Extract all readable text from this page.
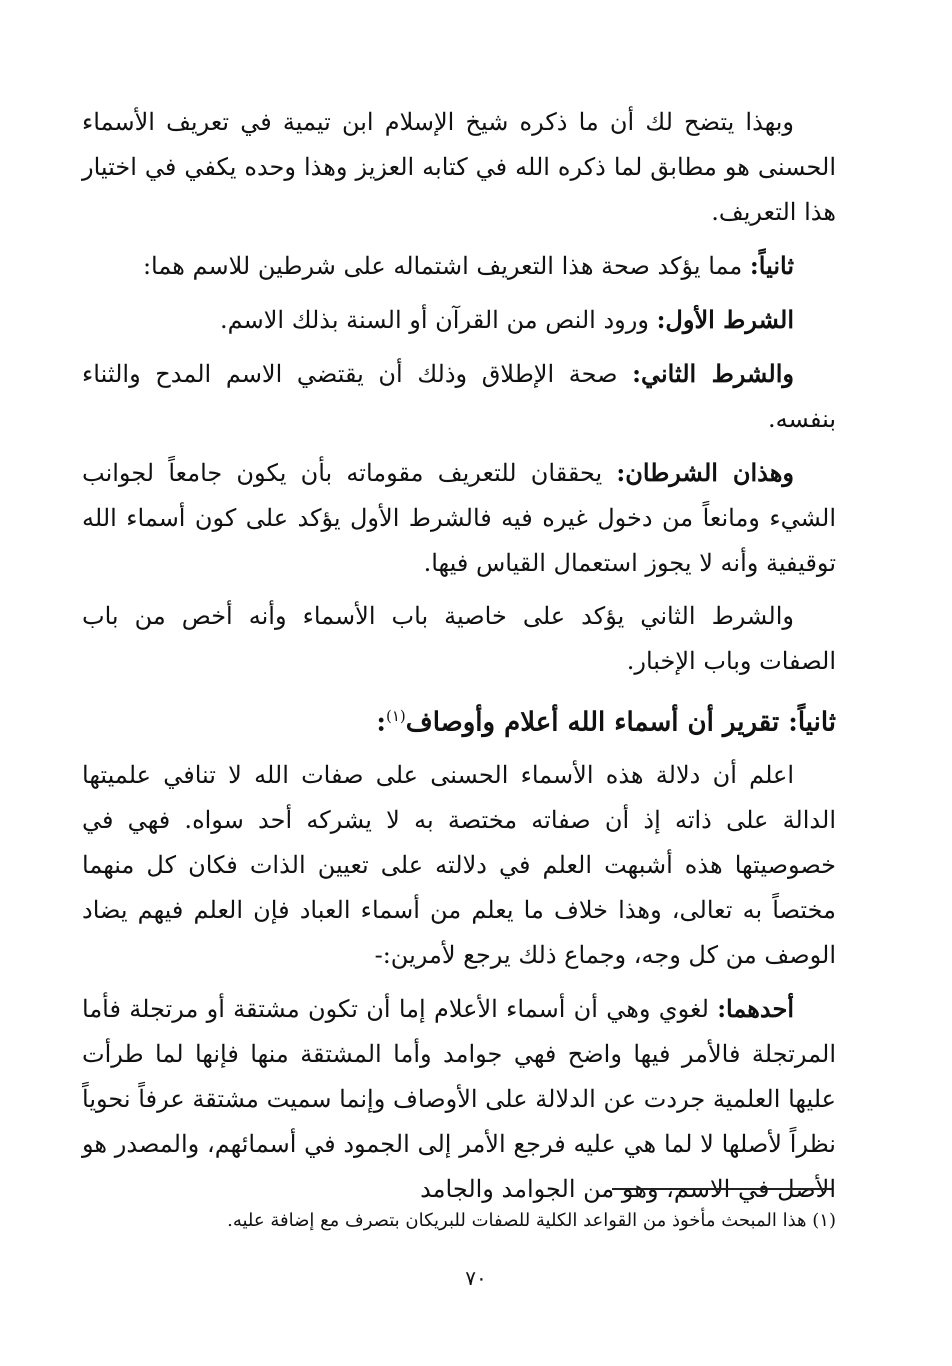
وبهذا يتضح لك أن ما ذكره شيخ الإسلام ابن تيمية في تعريف الأسماء الحسنى هو مطابق لما ذكره الله في كتابه العزيز وهذا وحده يكفي في اختيار هذا التعريف.

ثانياً: مما يؤكد صحة هذا التعريف اشتماله على شرطين للاسم هما:

الشرط الأول: ورود النص من القرآن أو السنة بذلك الاسم.

والشرط الثاني: صحة الإطلاق وذلك أن يقتضي الاسم المدح والثناء بنفسه.

وهذان الشرطان: يحققان للتعريف مقوماته بأن يكون جامعاً لجوانب الشيء ومانعاً من دخول غيره فيه فالشرط الأول يؤكد على كون أسماء الله توقيفية وأنه لا يجوز استعمال القياس فيها.

والشرط الثاني يؤكد على خاصية باب الأسماء وأنه أخص من باب الصفات وباب الإخبار.

ثانياً: تقرير أن أسماء الله أعلام وأوصاف$^{(١)}$:

اعلم أن دلالة هذه الأسماء الحسنى على صفات الله لا تنافي علميتها الدالة على ذاته إذ أن صفاته مختصة به لا يشركه أحد سواه. فهي في خصوصيتها هذه أشبهت العلم في دلالته على تعيين الذات فكان كل منهما مختصاً به تعالى، وهذا خلاف ما يعلم من أسماء العباد فإن العلم فيهم يضاد الوصف من كل وجه، وجماع ذلك يرجع لأمرين:-

أحدهما: لغوي وهي أن أسماء الأعلام إما أن تكون مشتقة أو مرتجلة فأما المرتجلة فالأمر فيها واضح فهي جوامد وأما المشتقة منها فإنها لما طرأت عليها العلمية جردت عن الدلالة على الأوصاف وإنما سميت مشتقة عرفاً نحوياً نظراً لأصلها لا لما هي عليه فرجع الأمر إلى الجمود في أسمائهم، والمصدر هو الأصل في الاسم، وهو من الجوامد والجامد

(١) هذا المبحث مأخوذ من القواعد الكلية للصفات للبريكان بتصرف مع إضافة عليه.
٧٠
